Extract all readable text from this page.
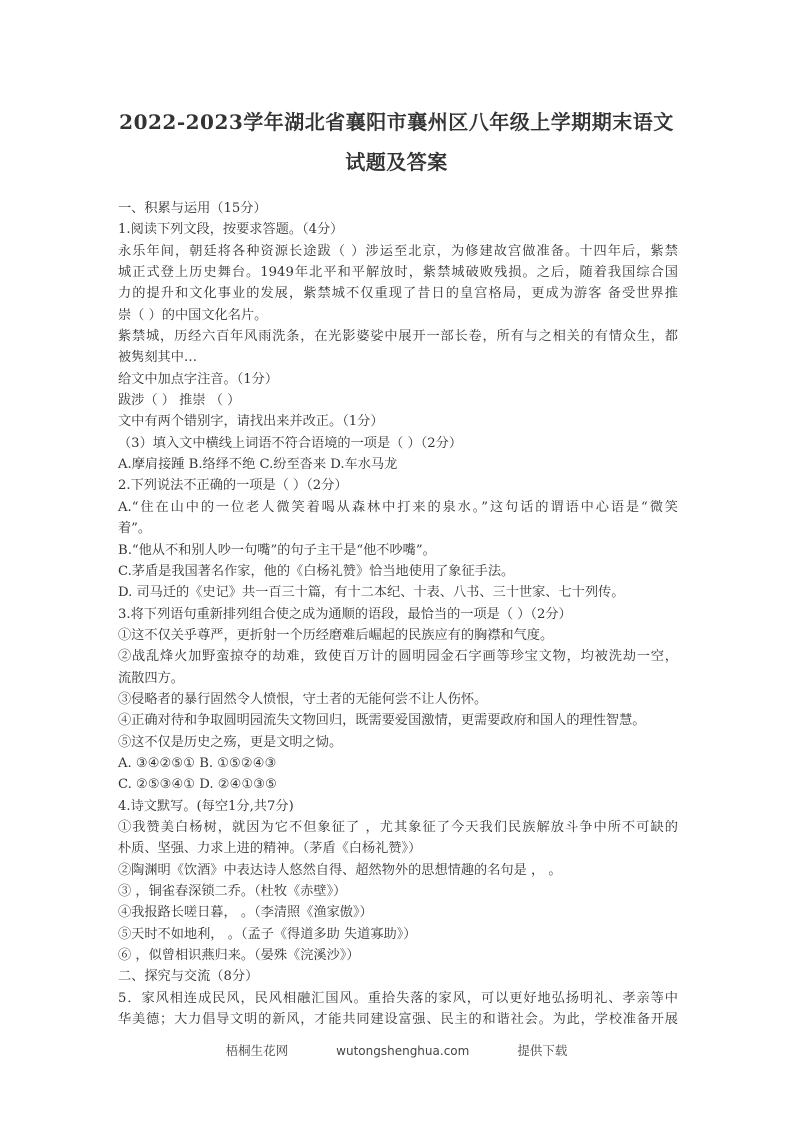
2022-2023学年湖北省襄阳市襄州区八年级上学期期末语文
试题及答案
一、积累与运用（15分）
1.阅读下列文段，按要求答题。（4分）
永乐年间，朝廷将各种资源长途跋（ ）涉运至北京，为修建故宫做准备。十四年后，紫禁
城正式登上历史舞台。1949年北平和平解放时，紫禁城破败残损。之后，随着我国综合国
力的提升和文化事业的发展，紫禁城不仅重现了昔日的皇宫格局，更成为游客 备受世界推
崇（ ）的中国文化名片。
紫禁城，历经六百年风雨洗条，在光影婆娑中展开一部长卷，所有与之相关的有情众生，都
被隽刻其中…
给文中加点字注音。（1分）
跋涉（ ） 推崇 （ ）
文中有两个错别字，请找出来并改正。（1分）
（3）填入文中横线上词语不符合语境的一项是（ ）（2分）
A.摩肩接踵 B.络绎不绝 C.纷至沓来 D.车水马龙
2.下列说法不正确的一项是（ ）（2分）
A.“住在山中的一位老人微笑着喝从森林中打来的泉水。”这句话的谓语中心语是“微笑
着”。
B.“他从不和别人吵一句嘴”的句子主干是“他不吵嘴”。
C.茅盾是我国著名作家，他的《白杨礼赞》恰当地使用了象征手法。
D. 司马迁的《史记》共一百三十篇，有十二本纪、十表、八书、三十世家、七十列传。
3.将下列语句重新排列组合使之成为通顺的语段，最恰当的一项是（ ）（2分）
①这不仅关乎尊严，更折射一个历经磨难后崛起的民族应有的胸襟和气度。
②战乱烽火加野蛮掠夺的劫难，致使百万计的圆明园金石字画等珍宝文物，均被洗劫一空，
流散四方。
③侵略者的暴行固然令人愤恨，守土者的无能何尝不让人伤怀。
④正确对待和争取圆明园流失文物回归，既需要爱国激情，更需要政府和国人的理性智慧。
⑤这不仅是历史之殇，更是文明之恸。
A. ③④②⑤① B. ①⑤②④③
C. ②⑤③④① D. ②④①③⑤
4.诗文默写。(每空1分,共7分)
①我赞美白杨树，就因为它不但象征了 ，尤其象征了今天我们民族解放斗争中所不可缺的
朴质、坚强、力求上进的精神。（茅盾《白杨礼赞》）
②陶渊明《饮酒》中表达诗人悠然自得、超然物外的思想情趣的名句是 ， 。
③ ，铜雀春深锁二乔。（杜牧《赤壁》）
④我报路长嗟日暮， 。（李清照《渔家傲》）
⑤天时不如地利， 。（孟子《得道多助 失道寡助》）
⑥ ，似曾相识燕归来。（晏殊《浣溪沙》）
二、探究与交流（8分）
5．家风相连成民风，民风相融汇国风。重拾失落的家风，可以更好地弘扬明礼、孝亲等中
华美德；大力倡导文明的新风，才能共同建设富强、民主的和谐社会。为此，学校准备开展
梧桐生花网	wutongshenghua.com	提供下载
